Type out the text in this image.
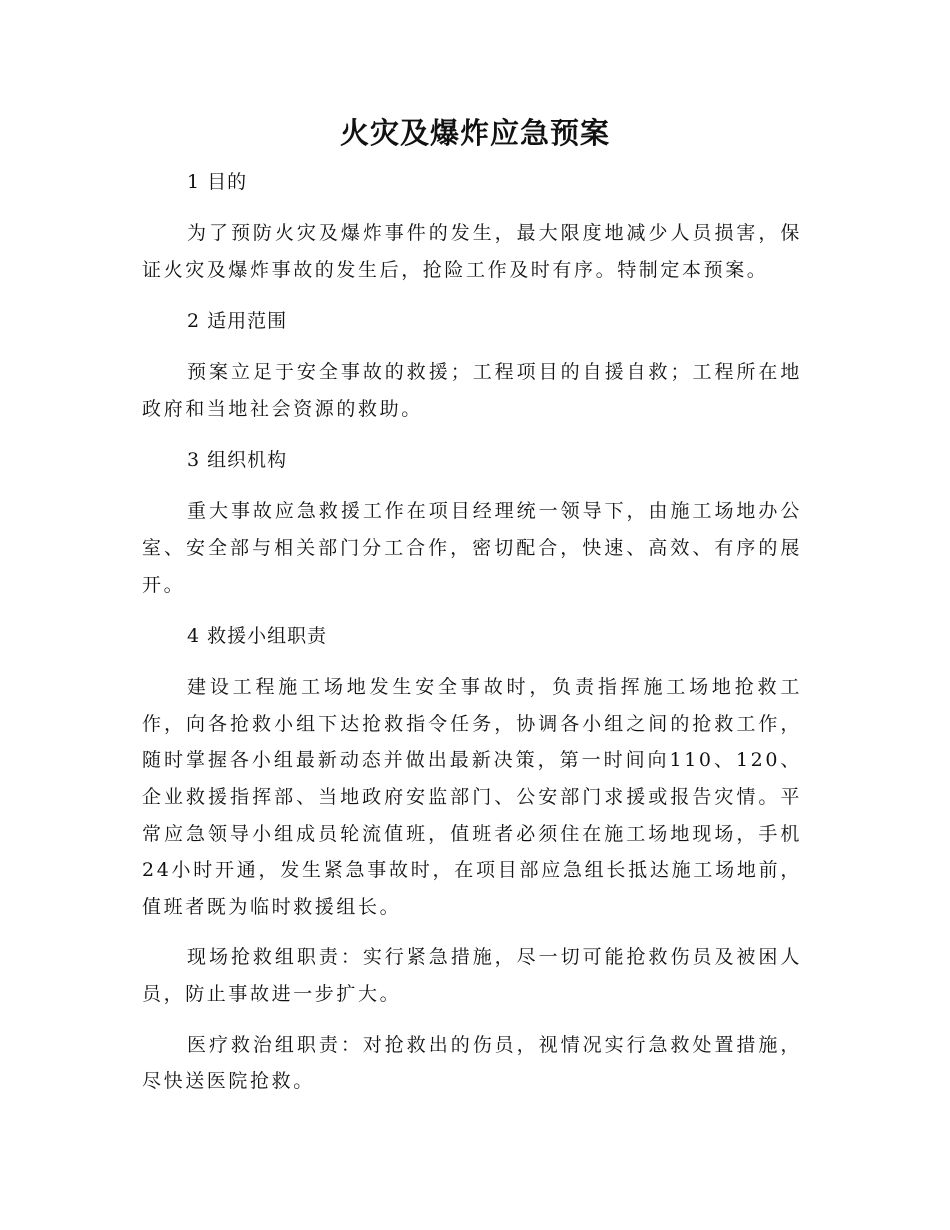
火灾及爆炸应急预案

1 目的

为了预防火灾及爆炸事件的发生，最大限度地减少人员损害，保证火灾及爆炸事故的发生后，抢险工作及时有序。特制定本预案。

2 适用范围

预案立足于安全事故的救援；工程项目的自援自救；工程所在地政府和当地社会资源的救助。

3 组织机构

重大事故应急救援工作在项目经理统一领导下，由施工场地办公室、安全部与相关部门分工合作，密切配合，快速、高效、有序的展开。

4 救援小组职责

建设工程施工场地发生安全事故时，负责指挥施工场地抢救工作，向各抢救小组下达抢救指令任务，协调各小组之间的抢救工作，随时掌握各小组最新动态并做出最新决策，第一时间向110、120、企业救援指挥部、当地政府安监部门、公安部门求援或报告灾情。平常应急领导小组成员轮流值班，值班者必须住在施工场地现场，手机24小时开通，发生紧急事故时，在项目部应急组长抵达施工场地前，值班者既为临时救援组长。

现场抢救组职责：实行紧急措施，尽一切可能抢救伤员及被困人员，防止事故进一步扩大。

医疗救治组职责：对抢救出的伤员，视情况实行急救处置措施，尽快送医院抢救。
